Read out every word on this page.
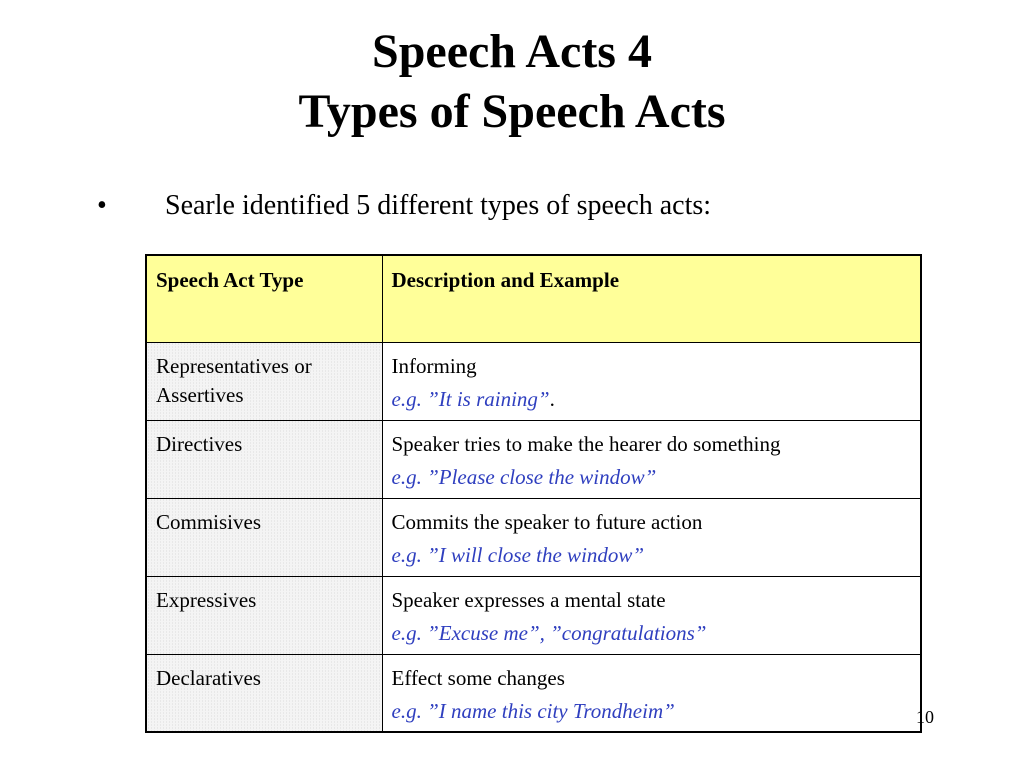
Speech Acts 4
Types of Speech Acts
• Searle identified 5 different types of speech acts:
Speech Act Type	Description and Example
Representatives or Assertives	Informing
e.g. ”It is raining”.

Directives	Speaker tries to make the hearer do something
e.g. ”Please close the window”

Commisives	Commits the speaker to future action
e.g. ”I will close the window”

Expressives	Speaker expresses a mental state
e.g. ”Excuse me”, ”congratulations”

Declaratives	Effect some changes
e.g. ”I name this city Trondheim”	10
